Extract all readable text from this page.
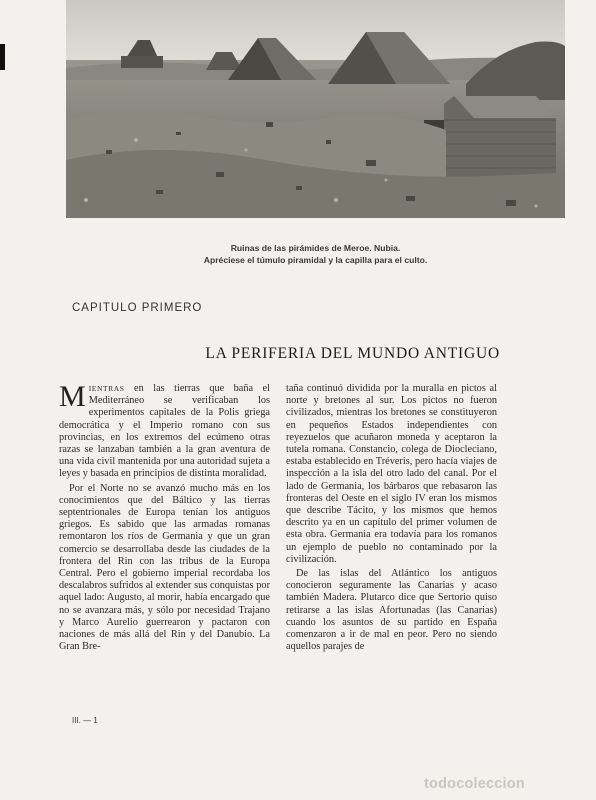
Ruinas de las pirámides de Meroe. Nubia.
Apréciese el túmulo piramidal y la capilla para el culto.
CAPITULO PRIMERO
LA PERIFERIA DEL MUNDO ANTIGUO

MIENTRAS en las tierras que baña el Mediterráneo se verificaban los experimentos capitales de la Polis griega democrática y el Imperio romano con sus provincias, en los extremos del ecúmeno otras razas se lanzaban también a la gran aventura de una vida civil mantenida por una autoridad sujeta a leyes y basada en principios de distinta moralidad.

Por el Norte no se avanzó mucho más en los conocimientos que del Báltico y las tierras septentrionales de Europa tenían los antiguos griegos. Es sabido que las armadas romanas remontaron los ríos de Germania y que un gran comercio se desarrollaba desde las ciudades de la frontera del Rin con las tribus de la Europa Central. Pero el gobierno imperial recordaba los descalabros sufridos al extender sus conquistas por aquel lado: Augusto, al morir, había encargado que no se avanzara más, y sólo por necesidad Trajano y Marco Aurelio guerrearon y pactaron con naciones de más allá del Rin y del Danubio. La Gran Bre-

taña continuó dividida por la muralla en pictos al norte y bretones al sur. Los pictos no fueron civilizados, mientras los bretones se constituyeron en pequeños Estados independientes con reyezuelos que acuñaron moneda y aceptaron la tutela romana. Constancio, colega de Diocleciano, estaba establecido en Tréveris, pero hacía viajes de inspección a la isla del otro lado del canal. Por el lado de Germania, los bárbaros que rebasaron las fronteras del Oeste en el siglo IV eran los mismos que describe Tácito, y los mismos que hemos descrito ya en un capítulo del primer volumen de esta obra. Germania era todavía para los romanos un ejemplo de pueblo no contaminado por la civilización.

De las islas del Atlántico los antiguos conocieron seguramente las Canarias y acaso también Madera. Plutarco dice que Sertorio quiso retirarse a las islas Afortunadas (las Canarias) cuando los asuntos de su partido en España comenzaron a ir de mal en peor. Pero no siendo aquellos parajes de

III. — 1
todocoleccion
